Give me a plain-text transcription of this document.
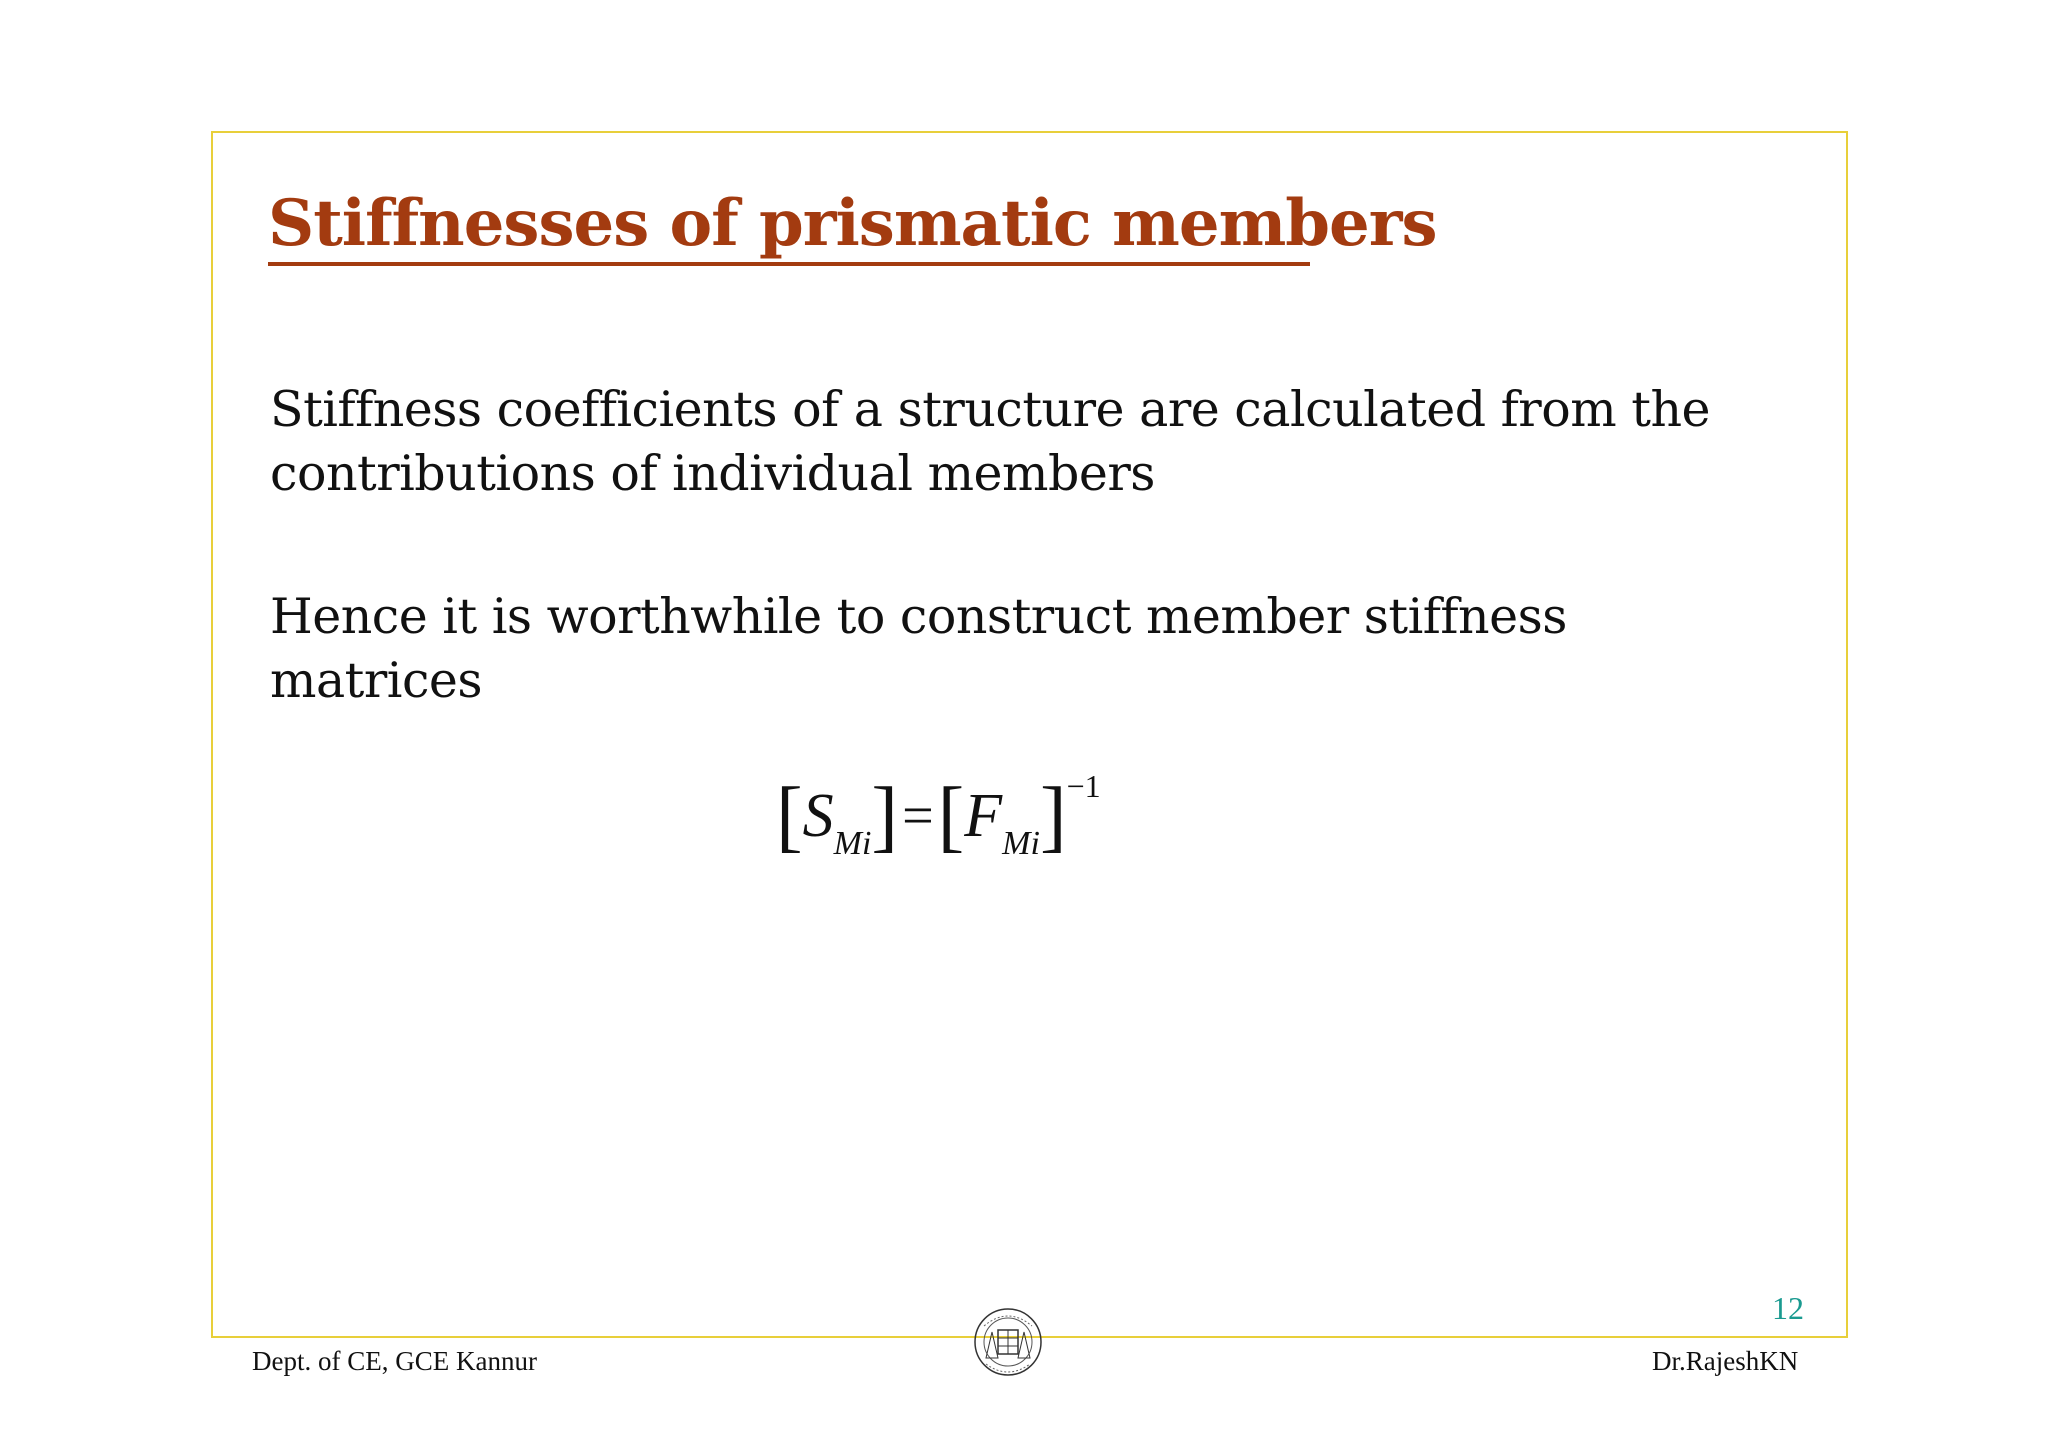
Stiffnesses of prismatic members
Stiffness coefficients of a structure are calculated from the contributions of individual members
Hence it is worthwhile to construct member stiffness matrices
[SMi]=[FMi]−1
12
Dept. of CE, GCE Kannur	Dr.RajeshKN
